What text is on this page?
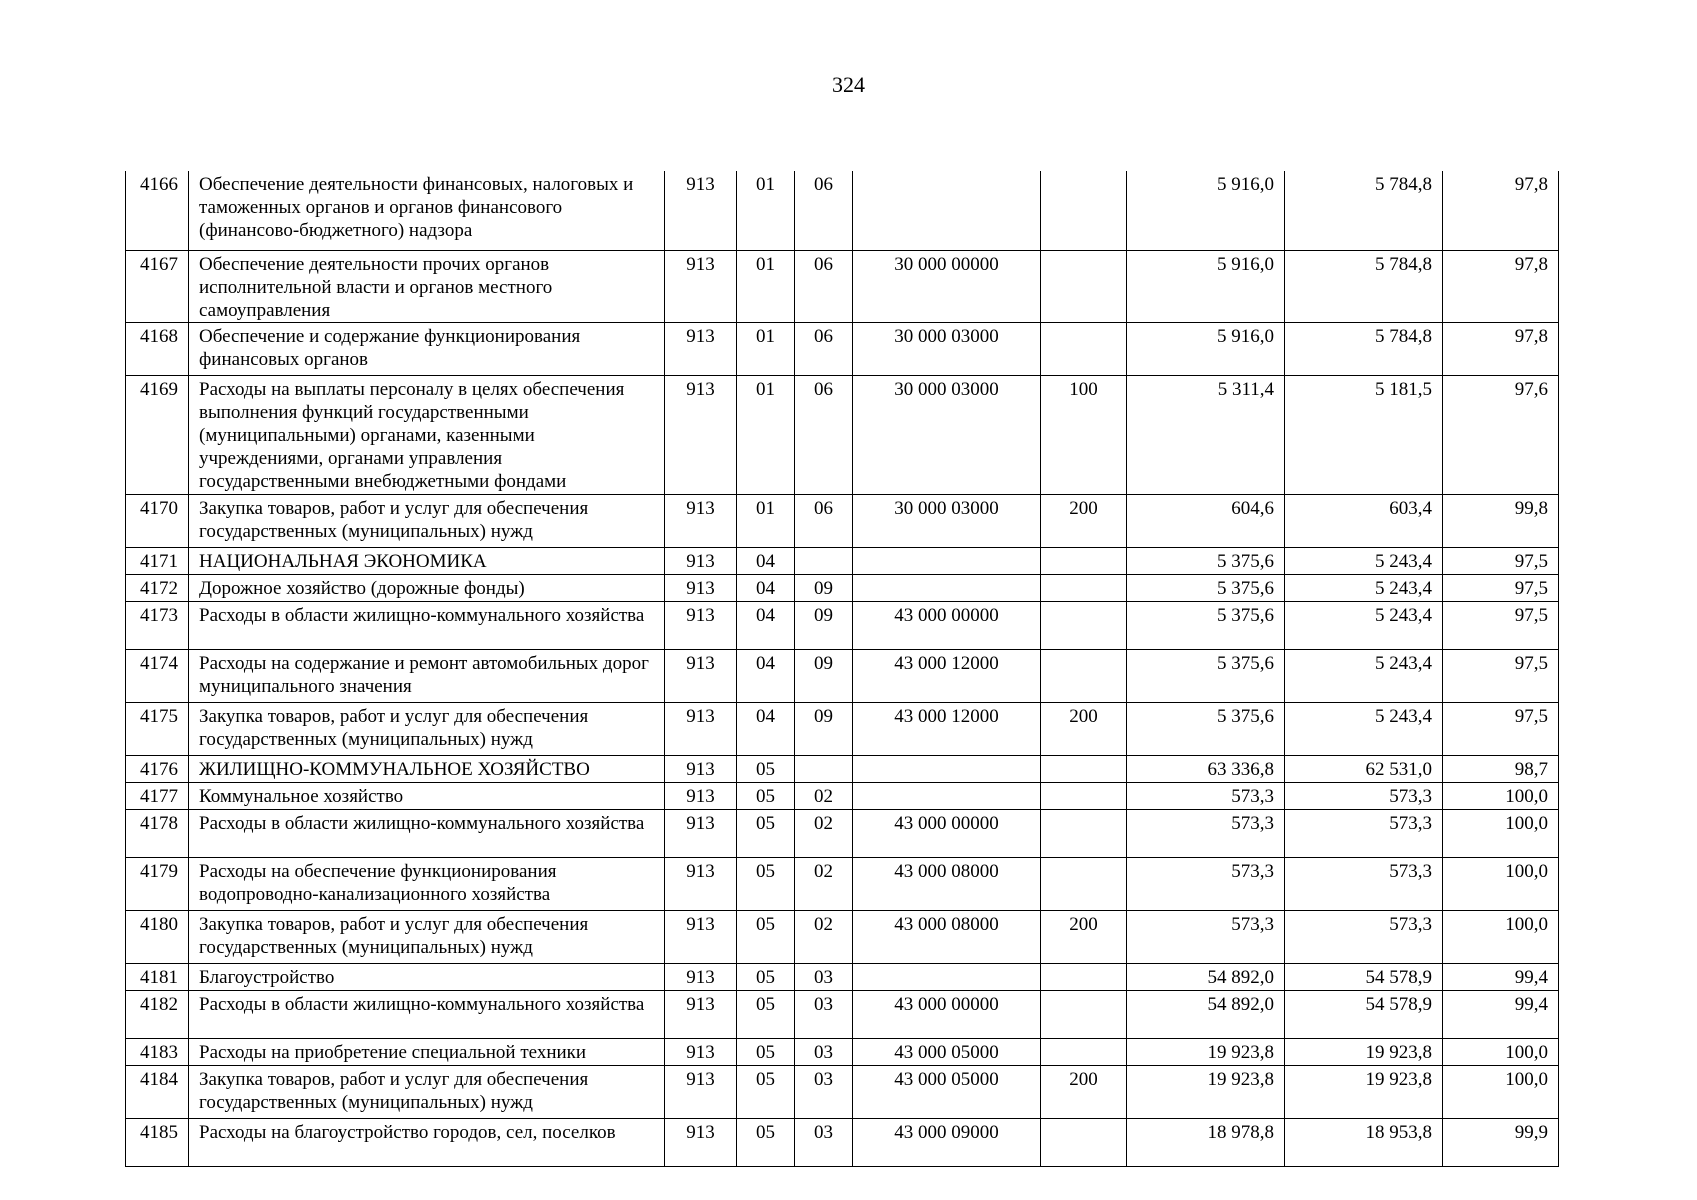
324
4166	Обеспечение деятельности финансовых, налоговых и таможенных органов и органов финансового (финансово-бюджетного) надзора	913	01	06			5 916,0	5 784,8	97,8
4167	Обеспечение деятельности прочих органов исполнительной власти и органов местного самоуправления	913	01	06	30 000 00000		5 916,0	5 784,8	97,8
4168	Обеспечение и содержание функционирования финансовых органов	913	01	06	30 000 03000		5 916,0	5 784,8	97,8
4169	Расходы на выплаты персоналу в целях обеспечения выполнения функций государственными (муниципальными) органами, казенными учреждениями, органами управления государственными внебюджетными фондами	913	01	06	30 000 03000	100	5 311,4	5 181,5	97,6
4170	Закупка товаров, работ и услуг для обеспечения государственных (муниципальных) нужд	913	01	06	30 000 03000	200	604,6	603,4	99,8
4171	НАЦИОНАЛЬНАЯ ЭКОНОМИКА	913	04				5 375,6	5 243,4	97,5
4172	Дорожное хозяйство (дорожные фонды)	913	04	09			5 375,6	5 243,4	97,5
4173	Расходы в области жилищно-коммунального хозяйства	913	04	09	43 000 00000		5 375,6	5 243,4	97,5
4174	Расходы на содержание и ремонт автомобильных дорог муниципального значения	913	04	09	43 000 12000		5 375,6	5 243,4	97,5
4175	Закупка товаров, работ и услуг для обеспечения государственных (муниципальных) нужд	913	04	09	43 000 12000	200	5 375,6	5 243,4	97,5
4176	ЖИЛИЩНО-КОММУНАЛЬНОЕ ХОЗЯЙСТВО	913	05				63 336,8	62 531,0	98,7
4177	Коммунальное хозяйство	913	05	02			573,3	573,3	100,0
4178	Расходы в области жилищно-коммунального хозяйства	913	05	02	43 000 00000		573,3	573,3	100,0
4179	Расходы на обеспечение функционирования водопроводно-канализационного хозяйства	913	05	02	43 000 08000		573,3	573,3	100,0
4180	Закупка товаров, работ и услуг для обеспечения государственных (муниципальных) нужд	913	05	02	43 000 08000	200	573,3	573,3	100,0
4181	Благоустройство	913	05	03			54 892,0	54 578,9	99,4
4182	Расходы в области жилищно-коммунального хозяйства	913	05	03	43 000 00000		54 892,0	54 578,9	99,4
4183	Расходы на приобретение специальной техники	913	05	03	43 000 05000		19 923,8	19 923,8	100,0
4184	Закупка товаров, работ и услуг для обеспечения государственных (муниципальных) нужд	913	05	03	43 000 05000	200	19 923,8	19 923,8	100,0
4185	Расходы на благоустройство городов, сел, поселков	913	05	03	43 000 09000		18 978,8	18 953,8	99,9
